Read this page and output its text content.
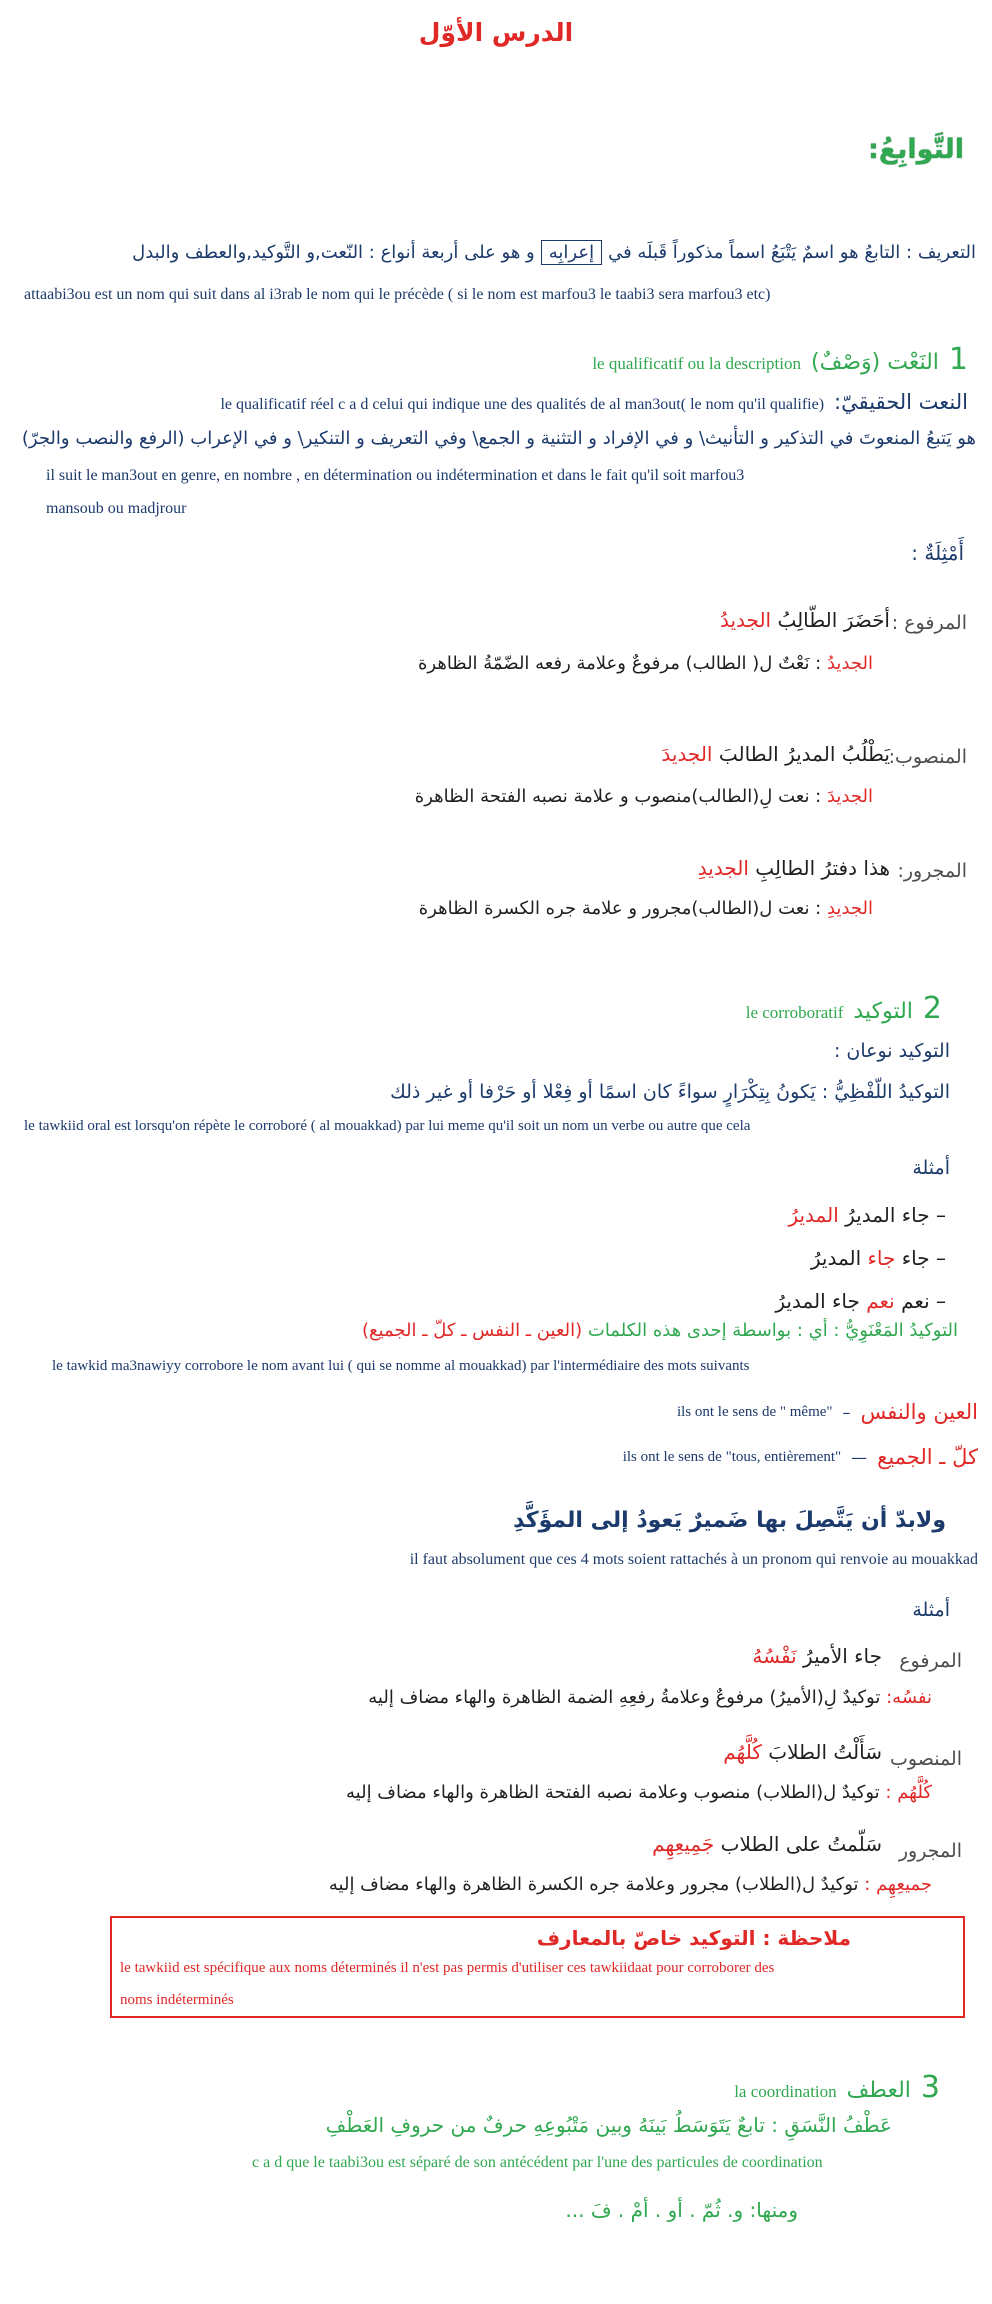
الدرس الأوّل
التَّوابِعُ:
التعريف : التابعُ هو اسمٌ يَتْبَعُ اسماً مذكوراً قَبلَه فيإعرابِهو هو على أربعة أنواع : النّعت,و التَّوكيد,والعطف والبدل
attaabi3ou est un nom qui suit dans al i3rab le nom qui le précède ( si le nom est marfou3 le taabi3 sera marfou3 etc)
1
النَعْت (وَصْفٌ)
le qualificatif ou la description
النعت الحقيقيّ:
le qualificatif réel c a d celui qui indique une des qualités de al man3out( le nom qu'il qualifie)
هو يَتبعُ المنعوتَ في التذكير و التأنيث\ و في الإفراد و التثنية و الجمع\ وفي التعريف و التنكير\ و في الإعراب (الرفع والنصب والجرّ)
il suit le man3out en genre, en nombre , en détermination ou indétermination et dans le fait qu'il soit marfou3
mansoub ou madjrour
أَمْثِلَةٌ :
المرفوع :
أحَضَرَ الطّالِبُ الجديدُ
الجديدُ : نَعْتٌ ل( الطالب) مرفوعٌ وعلامة رفعه الضّمّةُ الظاهرة
المنصوب:
يَطْلُبُ المديرُ الطالبَ الجديدَ
الجديدَ : نعت لِ(الطالب)منصوب و علامة نصبه الفتحة الظاهرة
المجرور:
هذا دفترُ الطالِبِ الجديدِ
الجديدِ : نعت ل(الطالب)مجرور و علامة جره الكسرة الظاهرة
2
التوكيد
le corroboratif
التوكيد نوعان :
التوكيدُ اللّفْظِيُّ : يَكونُ بِتِكْرَارٍ سواءً كان اسمًا أو فِعْلا أو حَرْفا أو غير ذلك
le tawkiid oral est lorsqu'on répète le corroboré ( al mouakkad) par lui meme qu'il soit un nom un verbe ou autre que cela
أمثلة
– جاء المديرُ المديرُ
– جاء جاء المديرُ
– نعم نعم جاء المديرُ
التوكيدُ المَعْنَوِيُّ : أي : بواسطة إحدى هذه الكلمات (العين ـ النفس ـ كلّ ـ الجميع)
le tawkid ma3nawiyy corrobore le nom avant lui ( qui se nomme al mouakkad) par l'intermédiaire des mots suivants
ils ont le sens de " même" – العين والنفس
ils ont le sens de "tous, entièrement" — كلّ ـ الجميع
ولابدّ أن يَتَّصِلَ بها ضَميرٌ يَعودُ إلى المؤَكَّدِ
il faut absolument que ces 4 mots soient rattachés à un pronom qui renvoie au mouakkad
أمثلة
المرفوع
جاء الأميرُ نَفْسُهُ
نفسُه: توكيدٌ لِ(الأميرُ) مرفوعٌ وعلامةُ رفعِهِ الضمة الظاهرة والهاء مضاف إليه
المنصوب
سَأَلْتُ الطلابَ كُلَّهُم
كُلَّهُم : توكيدٌ ل(الطلاب) منصوب وعلامة نصبه الفتحة الظاهرة والهاء مضاف إليه
المجرور
سَلّمتُ على الطلاب جَمِيعِهِم
جميعِهِم : توكيدٌ ل(الطلاب) مجرور وعلامة جره الكسرة الظاهرة والهاء مضاف إليه
ملاحظة : التوكيد خاصّ بالمعارف
le tawkiid est spécifique aux noms déterminés il n'est pas permis d'utiliser ces tawkiidaat pour corroborer des
noms indéterminés
3
العطف
la coordination
عَطْفُ النَّسَقِ : تابعٌ يَتَوَسَطُ بَينَهُ وبين مَتْبُوعِهِ حرفٌ من حروفِ العَطْفِ
c a d que le taabi3ou est séparé de son antécédent par l'une des particules de coordination
ومنها: و. ثُمّ . أو . أمْ . فَ ...
